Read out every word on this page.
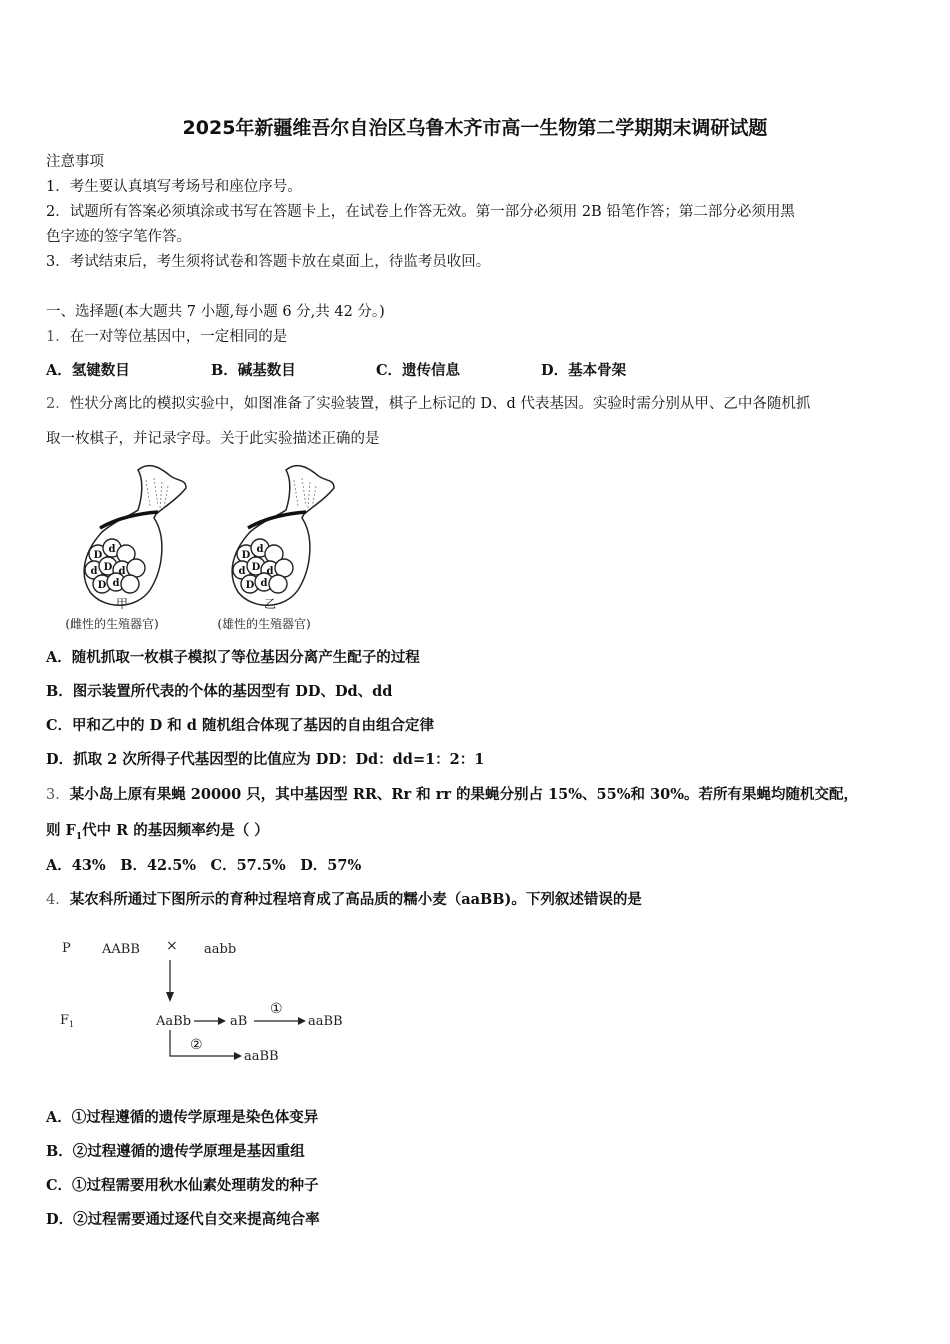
2025年新疆维吾尔自治区乌鲁木齐市高一生物第二学期期末调研试题
注意事项
1．考生要认真填写考场号和座位序号。
2．试题所有答案必须填涂或书写在答题卡上，在试卷上作答无效。第一部分必须用 2B 铅笔作答；第二部分必须用黑
色字迹的签字笔作答。
3．考试结束后，考生须将试卷和答题卡放在桌面上，待监考员收回。
一、选择题(本大题共 7 小题,每小题 6 分,共 42 分。)
1．在一对等位基因中，一定相同的是
A．氢键数目	B．碱基数目	C．遗传信息	D．基本骨架
2．性状分离比的模拟实验中，如图准备了实验装置，棋子上标记的 D、d 代表基因。实验时需分别从甲、乙中各随机抓
取一枚棋子，并记录字母。关于此实验描述正确的是
D
d
d D d
D d
甲
(雌性的生殖器官)
D
d
d D d
D d
乙
(雄性的生殖器官)
A．随机抓取一枚棋子模拟了等位基因分离产生配子的过程
B．图示装置所代表的个体的基因型有 DD、Dd、dd
C．甲和乙中的 D 和 d 随机组合体现了基因的自由组合定律
D．抓取 2 次所得子代基因型的比值应为 DD：Dd：dd=1：2：1
3．某小岛上原有果蝇 20000 只，其中基因型 RR、Rr 和 rr 的果蝇分别占 15%、55%和 30%。若所有果蝇均随机交配，
则 $F_1$代中 R 的基因频率约是（ ）
A．43%　B．42.5%　C．57.5%　D．57%
4．某农科所通过下图所示的育种过程培育成了高品质的糯小麦（aaBB)。下列叙述错误的是
P AABB × aabb
$F_1$	AaBb	aB
①
aaBB
②
aaBB
A．①过程遵循的遗传学原理是染色体变异
B．②过程遵循的遗传学原理是基因重组
C．①过程需要用秋水仙素处理萌发的种子
D．②过程需要通过逐代自交来提高纯合率
